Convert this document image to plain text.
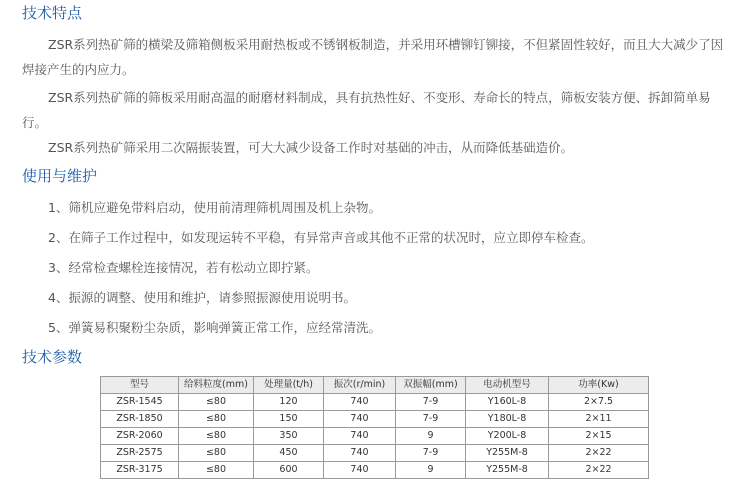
技术特点
ZSR系列热矿筛的横梁及筛箱侧板采用耐热板或不锈钢板制造，并采用环槽铆钉铆接，不但紧固性较好，而且大大减少了因焊接产生的内应力。
ZSR系列热矿筛的筛板采用耐高温的耐磨材料制成，具有抗热性好、不变形、寿命长的特点，筛板安装方便、拆卸简单易行。
ZSR系列热矿筛采用二次隔振装置，可大大减少设备工作时对基础的冲击，从而降低基础造价。
使用与维护
1、筛机应避免带料启动，使用前清理筛机周围及机上杂物。
2、在筛子工作过程中，如发现运转不平稳，有异常声音或其他不正常的状况时，应立即停车检查。
3、经常检查螺栓连接情况，若有松动立即拧紧。
4、振源的调整、使用和维护，请参照振源使用说明书。
5、弹簧易积聚粉尘杂质，影响弹簧正常工作，应经常清洗。
技术参数
型号	给料粒度(mm)	处理量(t/h)	振次(r/min)	双振幅(mm)	电动机型号	功率(Kw)
ZSR-1545	≤80	120	740	7-9	Y160L-8	2×7.5
ZSR-1850	≤80	150	740	7-9	Y180L-8	2×11
ZSR-2060	≤80	350	740	9	Y200L-8	2×15
ZSR-2575	≤80	450	740	7-9	Y255M-8	2×22
ZSR-3175	≤80	600	740	9	Y255M-8	2×22
